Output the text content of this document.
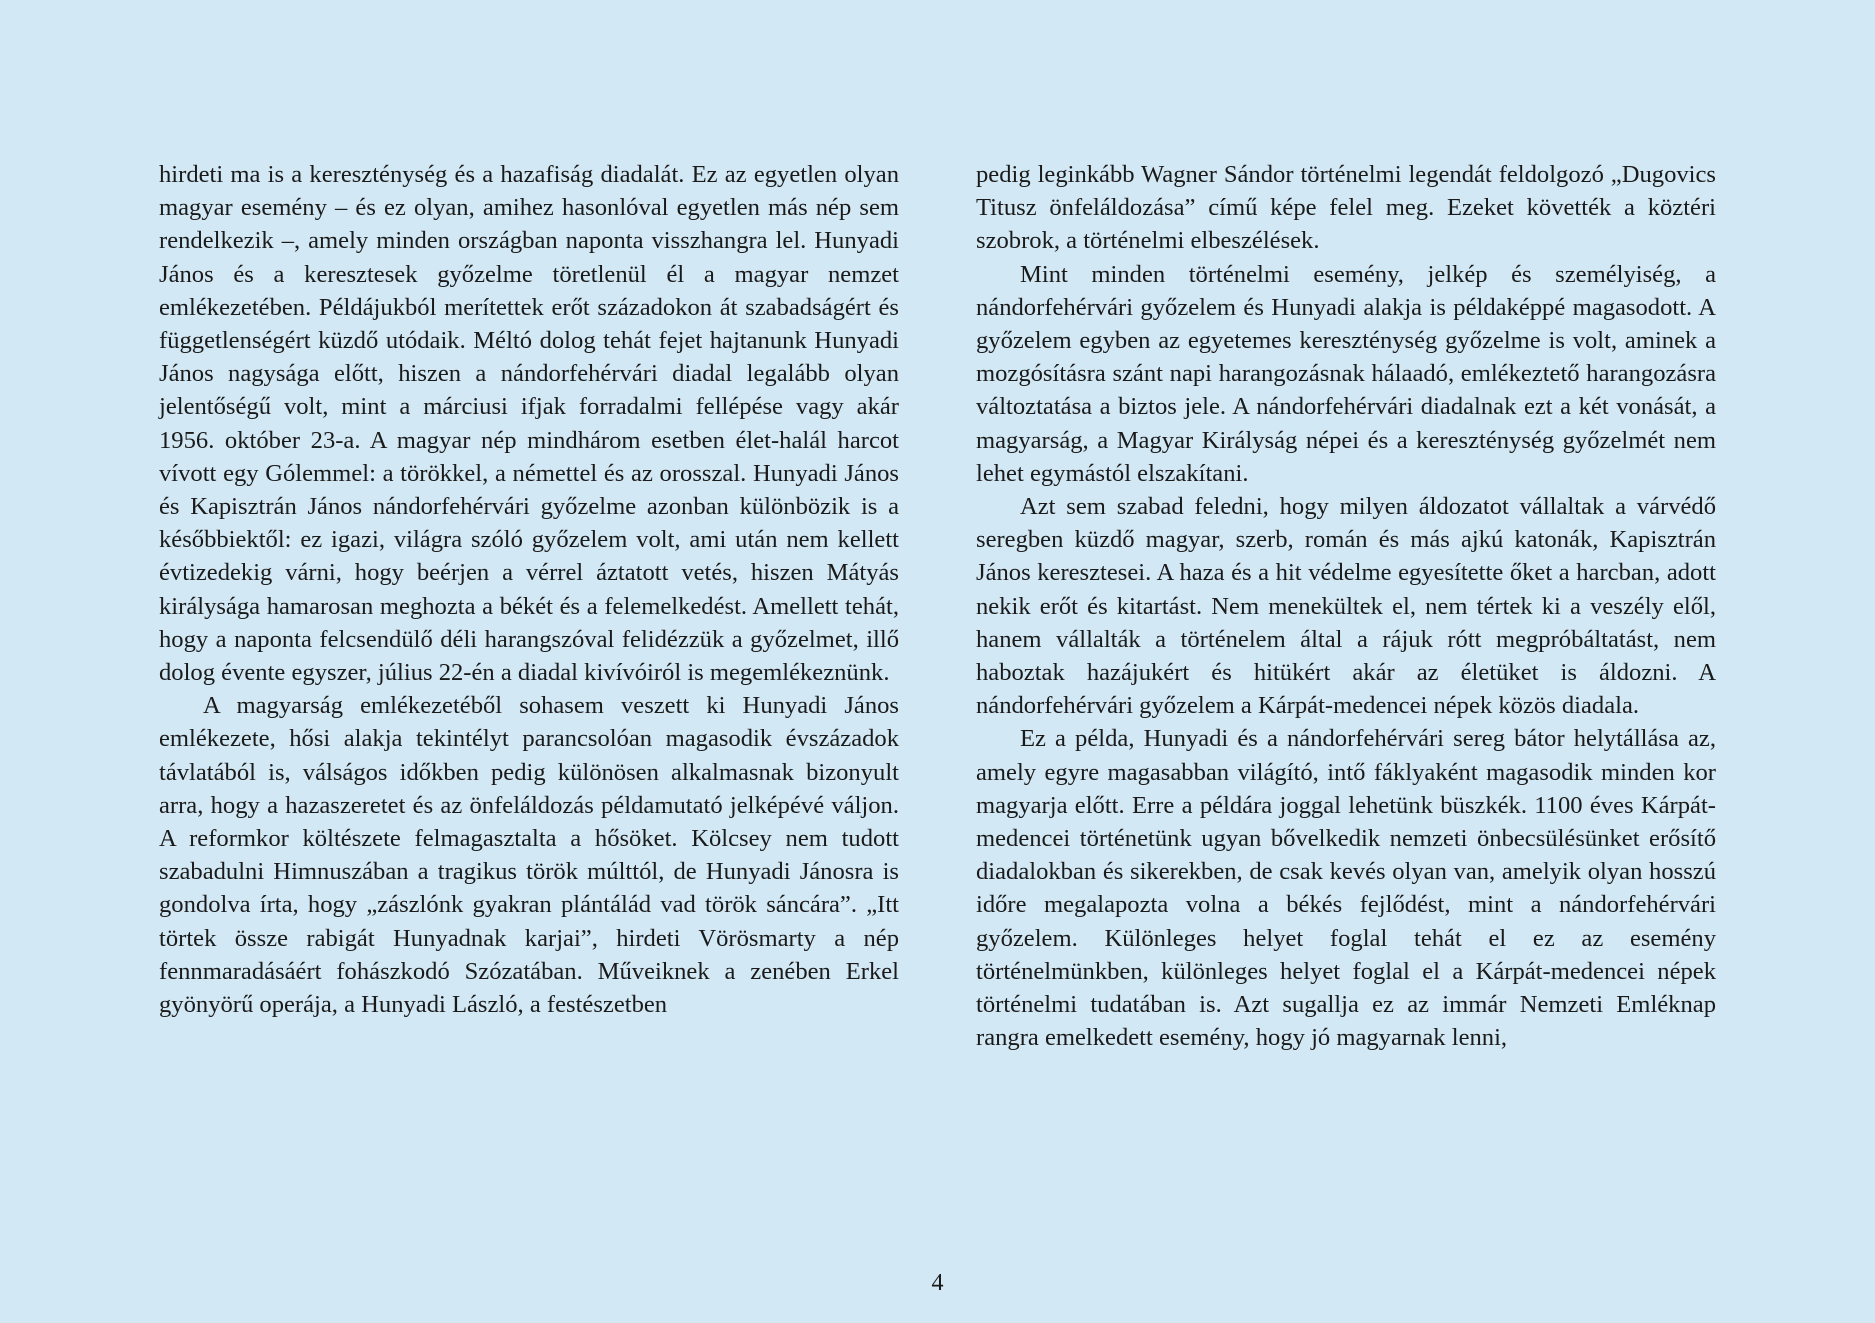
hirdeti ma is a kereszténység és a hazafiság diadalát. Ez az egyetlen olyan magyar esemény – és ez olyan, amihez hasonlóval egyetlen más nép sem rendelkezik –, amely minden országban naponta visszhangra lel. Hunyadi János és a keresztesek győzelme töretlenül él a magyar nemzet emlékezetében. Példájukból merítettek erőt századokon át szabadságért és függetlenségért küzdő utódaik. Méltó dolog tehát fejet hajtanunk Hunyadi János nagysága előtt, hiszen a nándorfehérvári diadal legalább olyan jelentőségű volt, mint a márciusi ifjak forradalmi fellépése vagy akár 1956. október 23-a. A magyar nép mindhárom esetben élet-halál harcot vívott egy Gólemmel: a törökkel, a némettel és az orosszal. Hunyadi János és Kapisztrán János nándorfehérvári győzelme azonban különbözik is a későbbiektől: ez igazi, világra szóló győzelem volt, ami után nem kellett évtizedekig várni, hogy beérjen a vérrel áztatott vetés, hiszen Mátyás királysága hamarosan meghozta a békét és a felemelkedést. Amellett tehát, hogy a naponta felcsendülő déli harangszóval felidézzük a győzelmet, illő dolog évente egyszer, július 22-én a diadal kivívóiról is megemlékeznünk.

A magyarság emlékezetéből sohasem veszett ki Hunyadi János emlékezete, hősi alakja tekintélyt parancsolóan magasodik évszázadok távlatából is, válságos időkben pedig különösen alkalmasnak bizonyult arra, hogy a hazaszeretet és az önfeláldozás példamutató jelképévé váljon. A reformkor költészete felmagasztalta a hősöket. Kölcsey nem tudott szabadulni Himnuszában a tragikus török múlttól, de Hunyadi Jánosra is gondolva írta, hogy „zászlónk gyakran plántálád vad török sáncára”. „Itt törtek össze rabigát Hunyadnak karjai”, hirdeti Vörösmarty a nép fennmaradásáért fohászkodó Szózatában. Műveiknek a zenében Erkel gyönyörű operája, a Hunyadi László, a festészetben

pedig leginkább Wagner Sándor történelmi legendát feldolgozó „Dugovics Titusz önfeláldozása” című képe felel meg. Ezeket követték a köztéri szobrok, a történelmi elbeszélések.

Mint minden történelmi esemény, jelkép és személyiség, a nándorfehérvári győzelem és Hunyadi alakja is példaképpé magasodott. A győzelem egyben az egyetemes kereszténység győzelme is volt, aminek a mozgósításra szánt napi harangozásnak hálaadó, emlékeztető harangozásra változtatása a biztos jele. A nándorfehérvári diadalnak ezt a két vonását, a magyarság, a Magyar Királyság népei és a kereszténység győzelmét nem lehet egymástól elszakítani.

Azt sem szabad feledni, hogy milyen áldozatot vállaltak a várvédő seregben küzdő magyar, szerb, román és más ajkú katonák, Kapisztrán János keresztesei. A haza és a hit védelme egyesítette őket a harcban, adott nekik erőt és kitartást. Nem menekültek el, nem tértek ki a veszély elől, hanem vállalták a történelem által a rájuk rótt megpróbáltatást, nem haboztak hazájukért és hitükért akár az életüket is áldozni. A nándorfehérvári győzelem a Kárpát-medencei népek közös diadala.

Ez a példa, Hunyadi és a nándorfehérvári sereg bátor helytállása az, amely egyre magasabban világító, intő fáklyaként magasodik minden kor magyarja előtt. Erre a példára joggal lehetünk büszkék. 1100 éves Kárpát-medencei történetünk ugyan bővelkedik nemzeti önbecsülésünket erősítő diadalokban és sikerekben, de csak kevés olyan van, amelyik olyan hosszú időre megalapozta volna a békés fejlődést, mint a nándorfehérvári győzelem. Különleges helyet foglal tehát el ez az esemény történelmünkben, különleges helyet foglal el a Kárpát-medencei népek történelmi tudatában is. Azt sugallja ez az immár Nemzeti Emléknap rangra emelkedett esemény, hogy jó magyarnak lenni,

4
